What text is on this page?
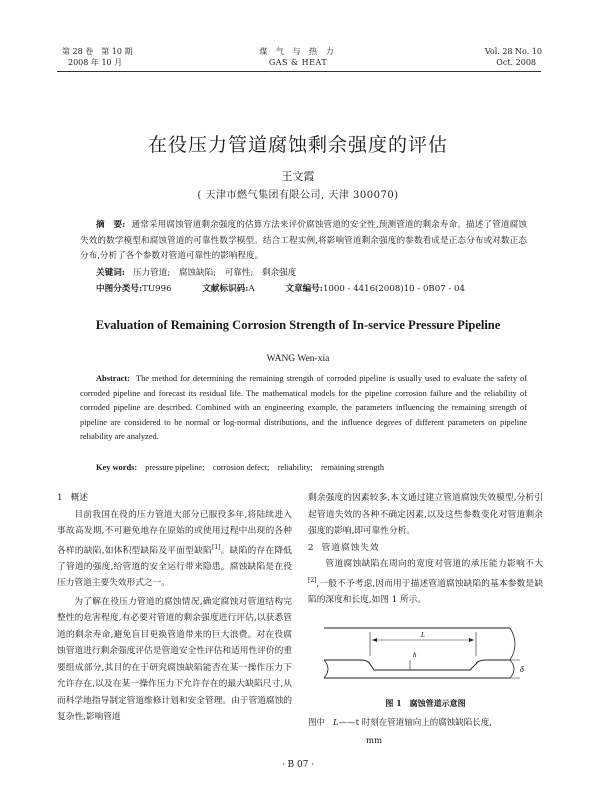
第 28 卷　第 10 期
2008 年 10 月
煤 气 与 热 力
GAS & HEAT
Vol. 28 No. 10
Oct. 2008
在役压力管道腐蚀剩余强度的评估
王文霞
( 天津市燃气集团有限公司, 天津 300070)
摘　要: 通常采用腐蚀管道剩余强度的估算方法来评价腐蚀管道的安全性,预测管道的剩余寿命。描述了管道腐蚀失效的数学模型和腐蚀管道的可靠性数学模型。结合工程实例,将影响管道剩余强度的参数看成是正态分布或对数正态分布,分析了各个参数对管道可靠性的影响程度。
关键词: 压力管道;　腐蚀缺陷;　可靠性;　剩余强度
中图分类号:TU996	文献标识码:A	文章编号:1000 - 4416(2008)10 - 0B07 - 04
Evaluation of Remaining Corrosion Strength of In-service Pressure Pipeline
WANG Wen-xia
Abstract: The method for determining the remaining strength of corroded pipeline is usually used to evaluate the safety of corroded pipeline and forecast its residual life. The mathematical models for the pipeline corrosion failure and the reliability of corroded pipeline are described. Combined with an engineering example, the parameters influencing the remaining strength of pipeline are considered to be normal or log-normal distributions, and the influence degrees of different parameters on pipeline reliability are analyzed.
Key words: pressure pipeline;　corrosion defect;　reliability;　remaining strength

1 概述

目前我国在役的压力管道大部分已服役多年,将陆续进入事故高发期,不可避免地存在原始的或使用过程中出现的各种各样的缺陷,如体积型缺陷及平面型缺陷[1]。缺陷的存在降低了管道的强度,给管道的安全运行带来隐患。腐蚀缺陷是在役压力管道主要失效形式之一。

为了解在役压力管道的腐蚀情况,确定腐蚀对管道结构完整性的危害程度,有必要对管道的剩余强度进行评估,以获悉管道的剩余寿命,避免盲目更换管道带来的巨大浪费。对在役腐蚀管道进行剩余强度评估是管道安全性评估和适用性评价的重要组成部分,其目的在于研究腐蚀缺陷能否在某一操作压力下允许存在,以及在某一操作压力下允许存在的最大缺陷尺寸,从而科学地指导制定管道维修计划和安全管理。由于管道腐蚀的复杂性,影响管道

剩余强度的因素较多,本文通过建立管道腐蚀失效模型,分析引起管道失效的各种不确定因素,以及这些参数变化对管道剩余强度的影响,即可靠性分析。

2 管道腐蚀失效

管道腐蚀缺陷在周向的宽度对管道的承压能力影响不大[2],一般不予考虑,因而用于描述管道腐蚀缺陷的基本参数是缺陷的深度和长度,如图 1 所示。

L
h
δ
图 1　腐蚀管道示意图
图中 L——t 时刻在管道轴向上的腐蚀缺陷长度,
mm
· B 07 ·
